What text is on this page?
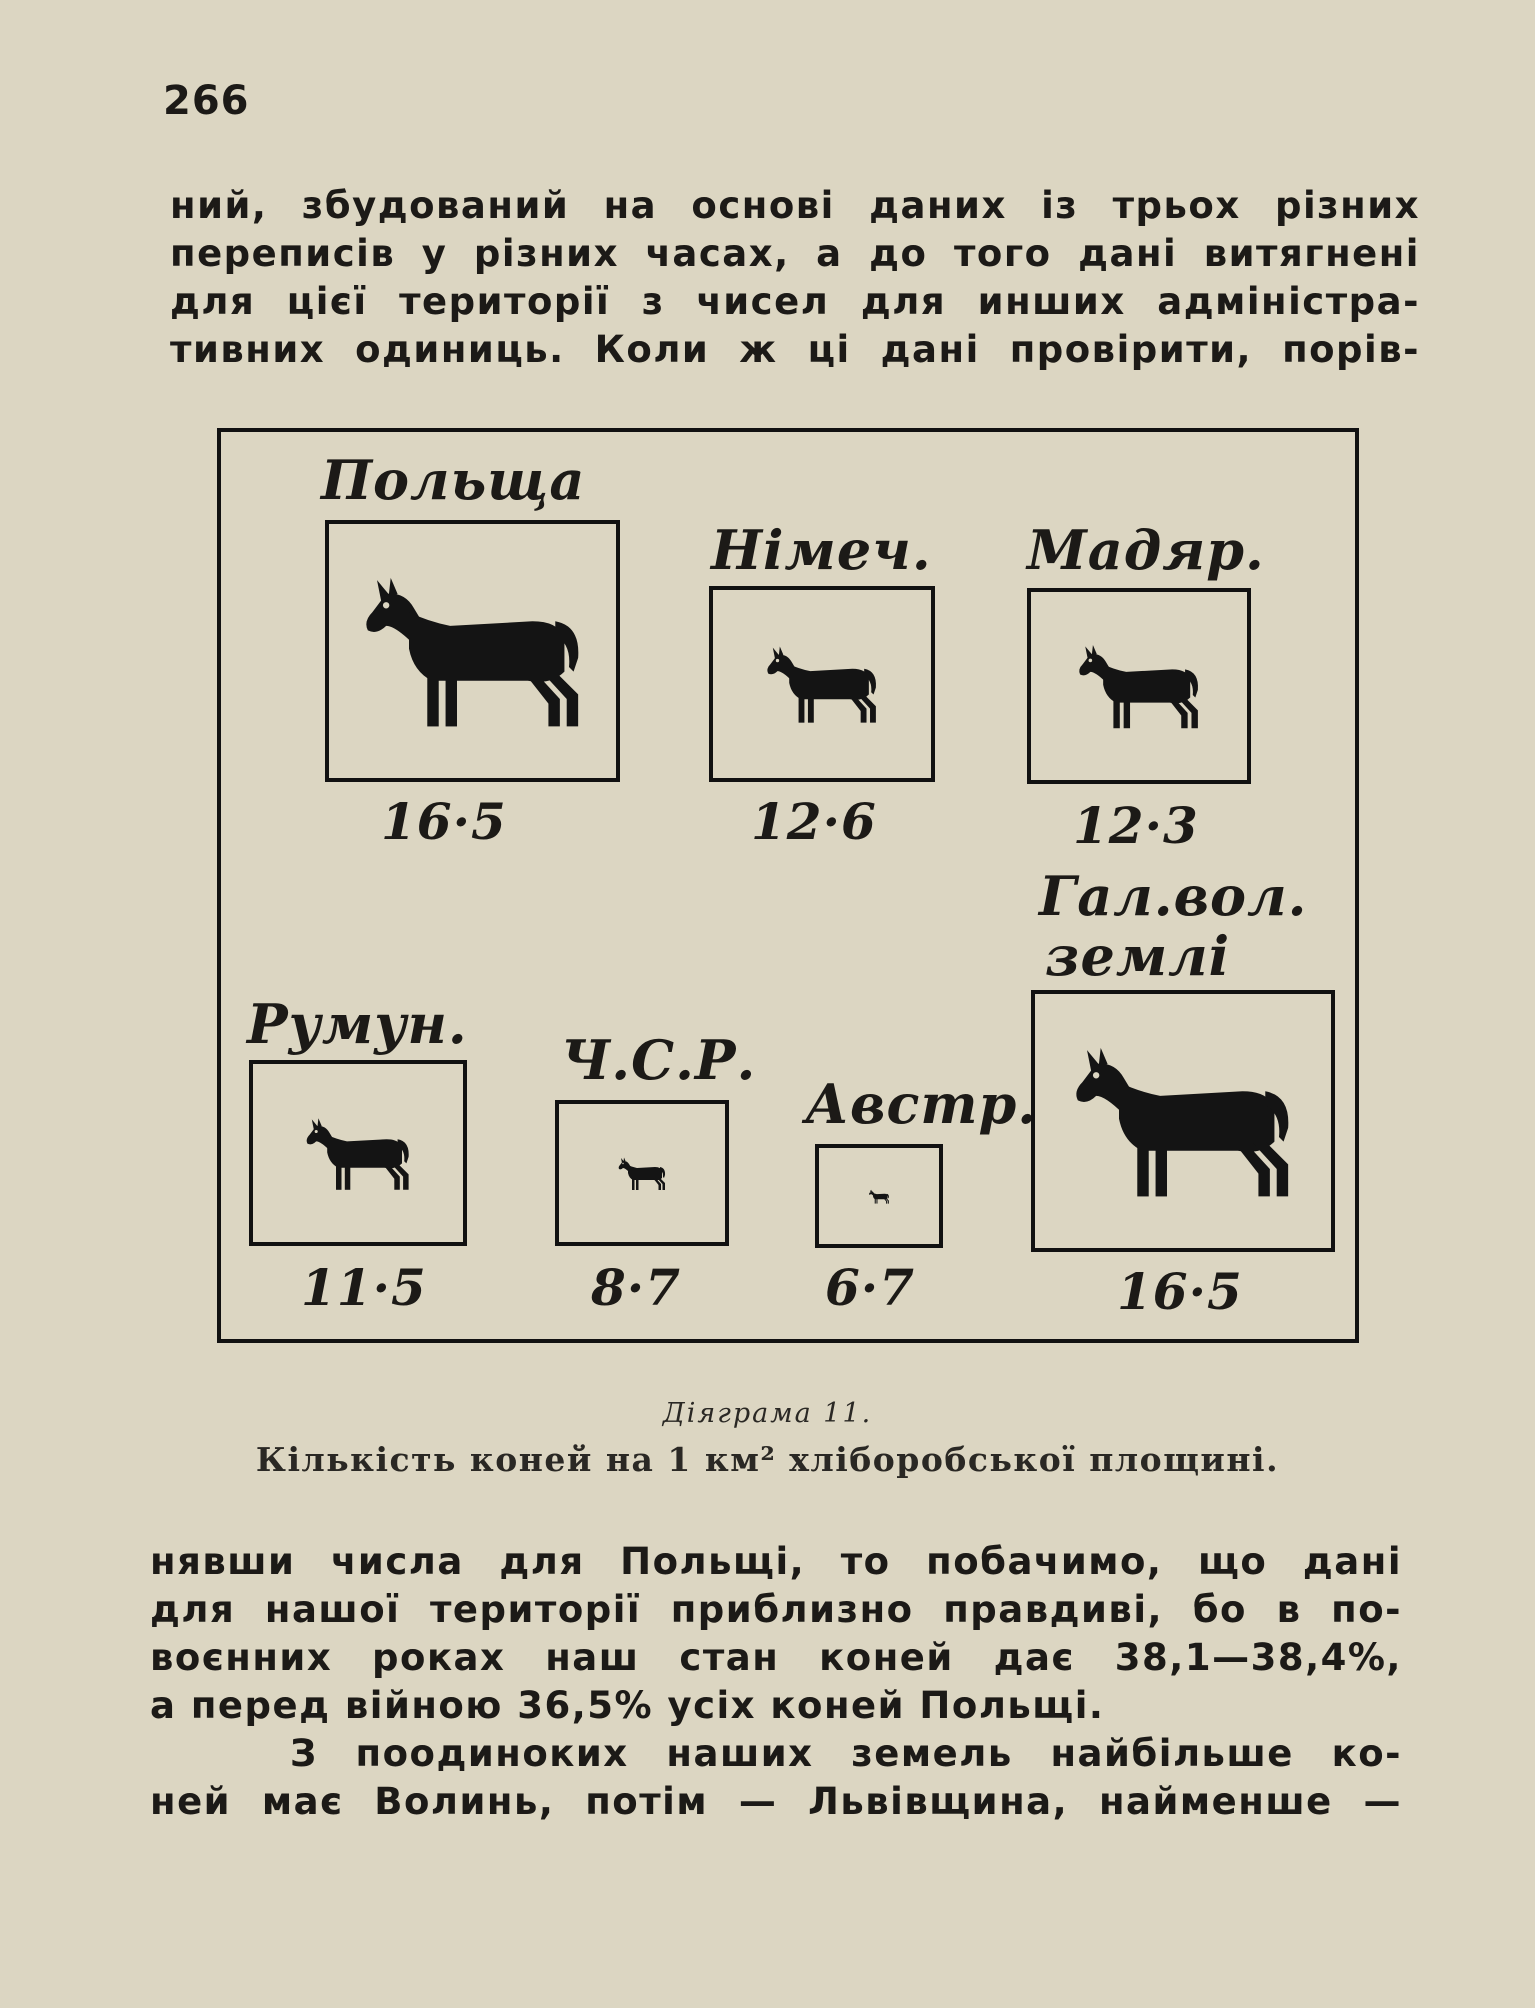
266
ний, збудований на основі даних із трьох різних
переписів у різних часах, а до того дані витягнені
для цієї території з чисел для инших адміністра-
тивних одиниць. Коли ж ці дані провірити, порів-
Польща
16·5
Німеч.
12·6
Мадяр.
12·3
Гал.вол.
землі
Румун.
11·5
Ч.С.Р.
8·7
Австр.
6·7	16·5
Діяграма 11.
Кількість коней на 1 км² хліборобської площині.
нявши числа для Польщі, то побачимо, що дані
для нашої території приблизно правдиві, бо в по-
воєнних роках наш стан коней дає 38,1—38,4%,
а перед війною 36,5% усіх коней Польщі.
З поодиноких наших земель найбільше ко-
ней має Волинь, потім — Львівщина, найменше —
